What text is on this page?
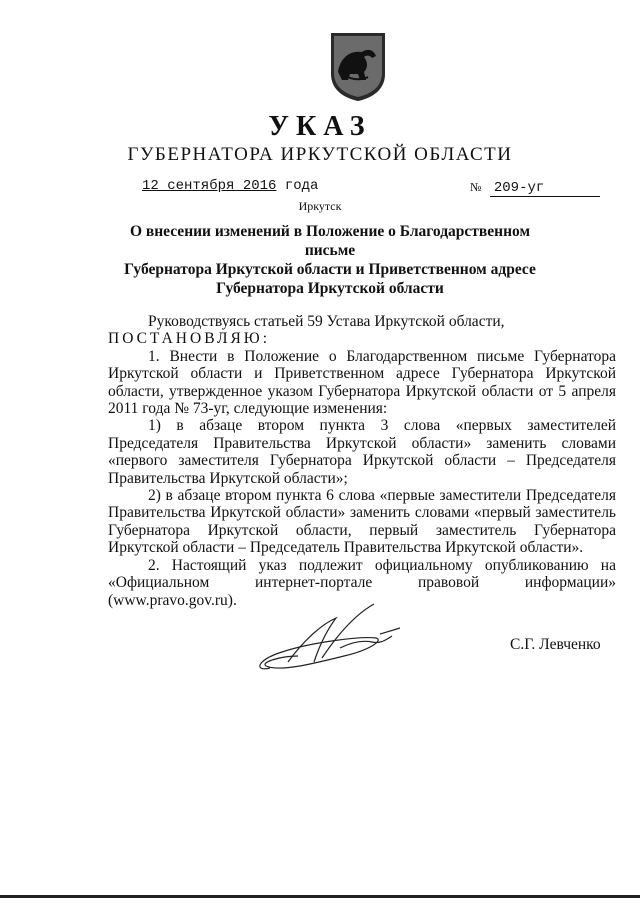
УКАЗ
ГУБЕРНАТОРА ИРКУТСКОЙ ОБЛАСТИ
12 сентября 2016 года	№ 209-уг
Иркутск
О внесении изменений в Положение о Благодарственном письме
Губернатора Иркутской области и Приветственном адресе
Губернатора Иркутской области

Руководствуясь статьей 59 Устава Иркутской области,

ПОСТАНОВЛЯЮ:

1. Внести в Положение о Благодарственном письме Губернатора Иркутской области и Приветственном адресе Губернатора Иркутской области, утвержденное указом Губернатора Иркутской области от 5 апреля 2011 года № 73-уг, следующие изменения:

1) в абзаце втором пункта 3 слова «первых заместителей Председателя Правительства Иркутской области» заменить словами «первого заместителя Губернатора Иркутской области – Председателя Правительства Иркутской области»;

2) в абзаце втором пункта 6 слова «первые заместители Председателя Правительства Иркутской области» заменить словами «первый заместитель Губернатора Иркутской области, первый заместитель Губернатора Иркутской области – Председатель Правительства Иркутской области».

2. Настоящий указ подлежит официальному опубликованию на «Официальном интернет-портале правовой информации» (www.pravo.gov.ru).

С.Г. Левченко
